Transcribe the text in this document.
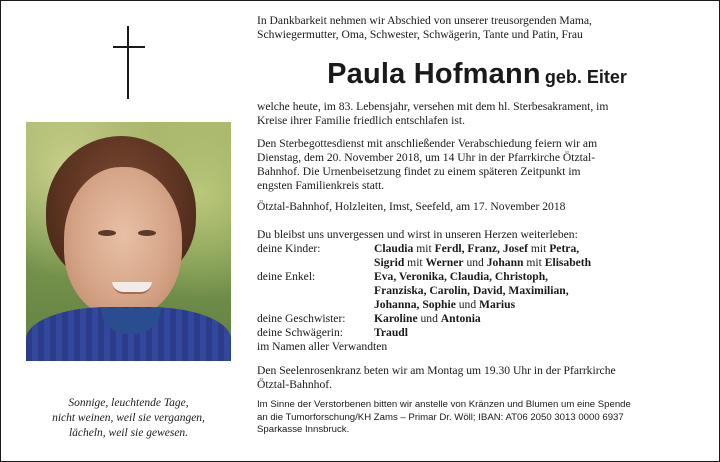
Sonnige, leuchtende Tage,
nicht weinen, weil sie vergangen,
lächeln, weil sie gewesen.
In Dankbarkeit nehmen wir Abschied von unserer treusorgenden Mama,
Schwiegermutter, Oma, Schwester, Schwägerin, Tante und Patin, Frau
Paula Hofmann geb. Eiter
welche heute, im 83. Lebensjahr, versehen mit dem hl. Sterbesakrament, im
Kreise ihrer Familie friedlich entschlafen ist.
Den Sterbegottesdienst mit anschließender Verabschiedung feiern wir am
Dienstag, dem 20. November 2018, um 14 Uhr in der Pfarrkirche Ötztal-
Bahnhof. Die Urnenbeisetzung findet zu einem späteren Zeitpunkt im
engsten Familienkreis statt.
Ötztal-Bahnhof, Holzleiten, Imst, Seefeld, am 17. November 2018
Du bleibst uns unvergessen und wirst in unseren Herzen weiterleben:
deine Kinder:	Claudia mit Ferdl, Franz, Josef mit Petra,
Sigrid mit Werner und Johann mit Elisabeth
deine Enkel:	Eva, Veronika, Claudia, Christoph,
Franziska, Carolin, David, Maximilian,
Johanna, Sophie und Marius
deine Geschwister:	Karoline und Antonia
deine Schwägerin:	Traudl
im Namen aller Verwandten
Den Seelenrosenkranz beten wir am Montag um 19.30 Uhr in der Pfarrkirche
Ötztal-Bahnhof.
Im Sinne der Verstorbenen bitten wir anstelle von Kränzen und Blumen um eine Spende
an die Tumorforschung/KH Zams – Primar Dr. Wöll; IBAN: AT06 2050 3013 0000 6937
Sparkasse Innsbruck.
